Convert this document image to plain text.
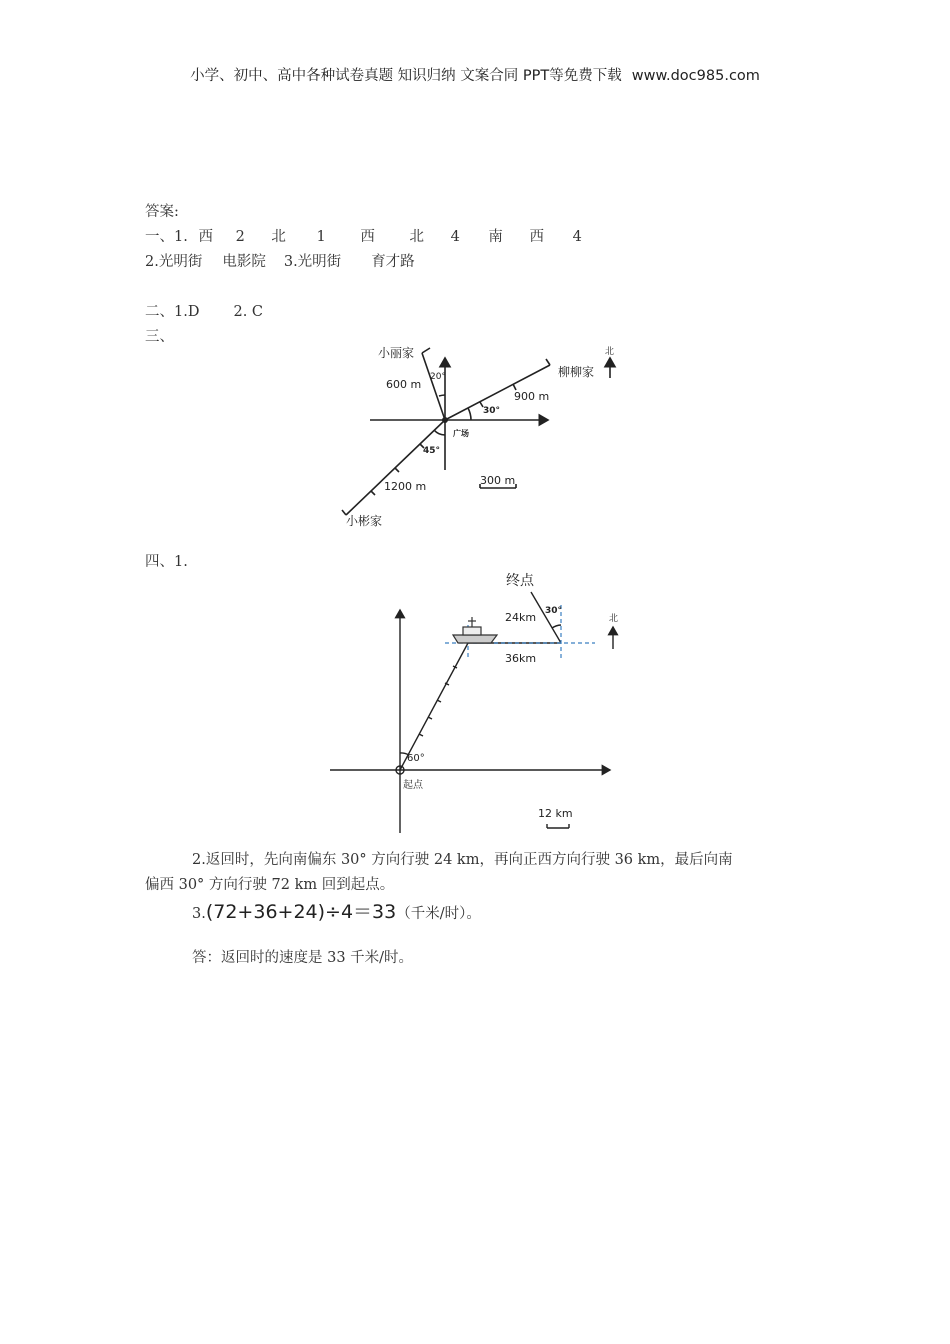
小学、初中、高中各种试卷真题 知识归纳 文案合同 PPT等免费下载 www.doc985.com
答案:
一、1. 西 2 北 1 西 北 4 南 西 4
2.光明街 电影院 3.光明街 育才路
二、1.D 2. C
三、
小丽家
600 m
20°	柳柳家
900 m
30°
小彬家
1200 m
45°
广场
300 m
北
四、1.
终点
24km 30°
36km
60°
起点
北
12 km
2.返回时，先向南偏东 30° 方向行驶 24 km，再向正西方向行驶 36 km，最后向南
偏西 30° 方向行驶 72 km 回到起点。
3.(72+36+24)÷4＝33（千米/时）。
答：返回时的速度是 33 千米/时。
